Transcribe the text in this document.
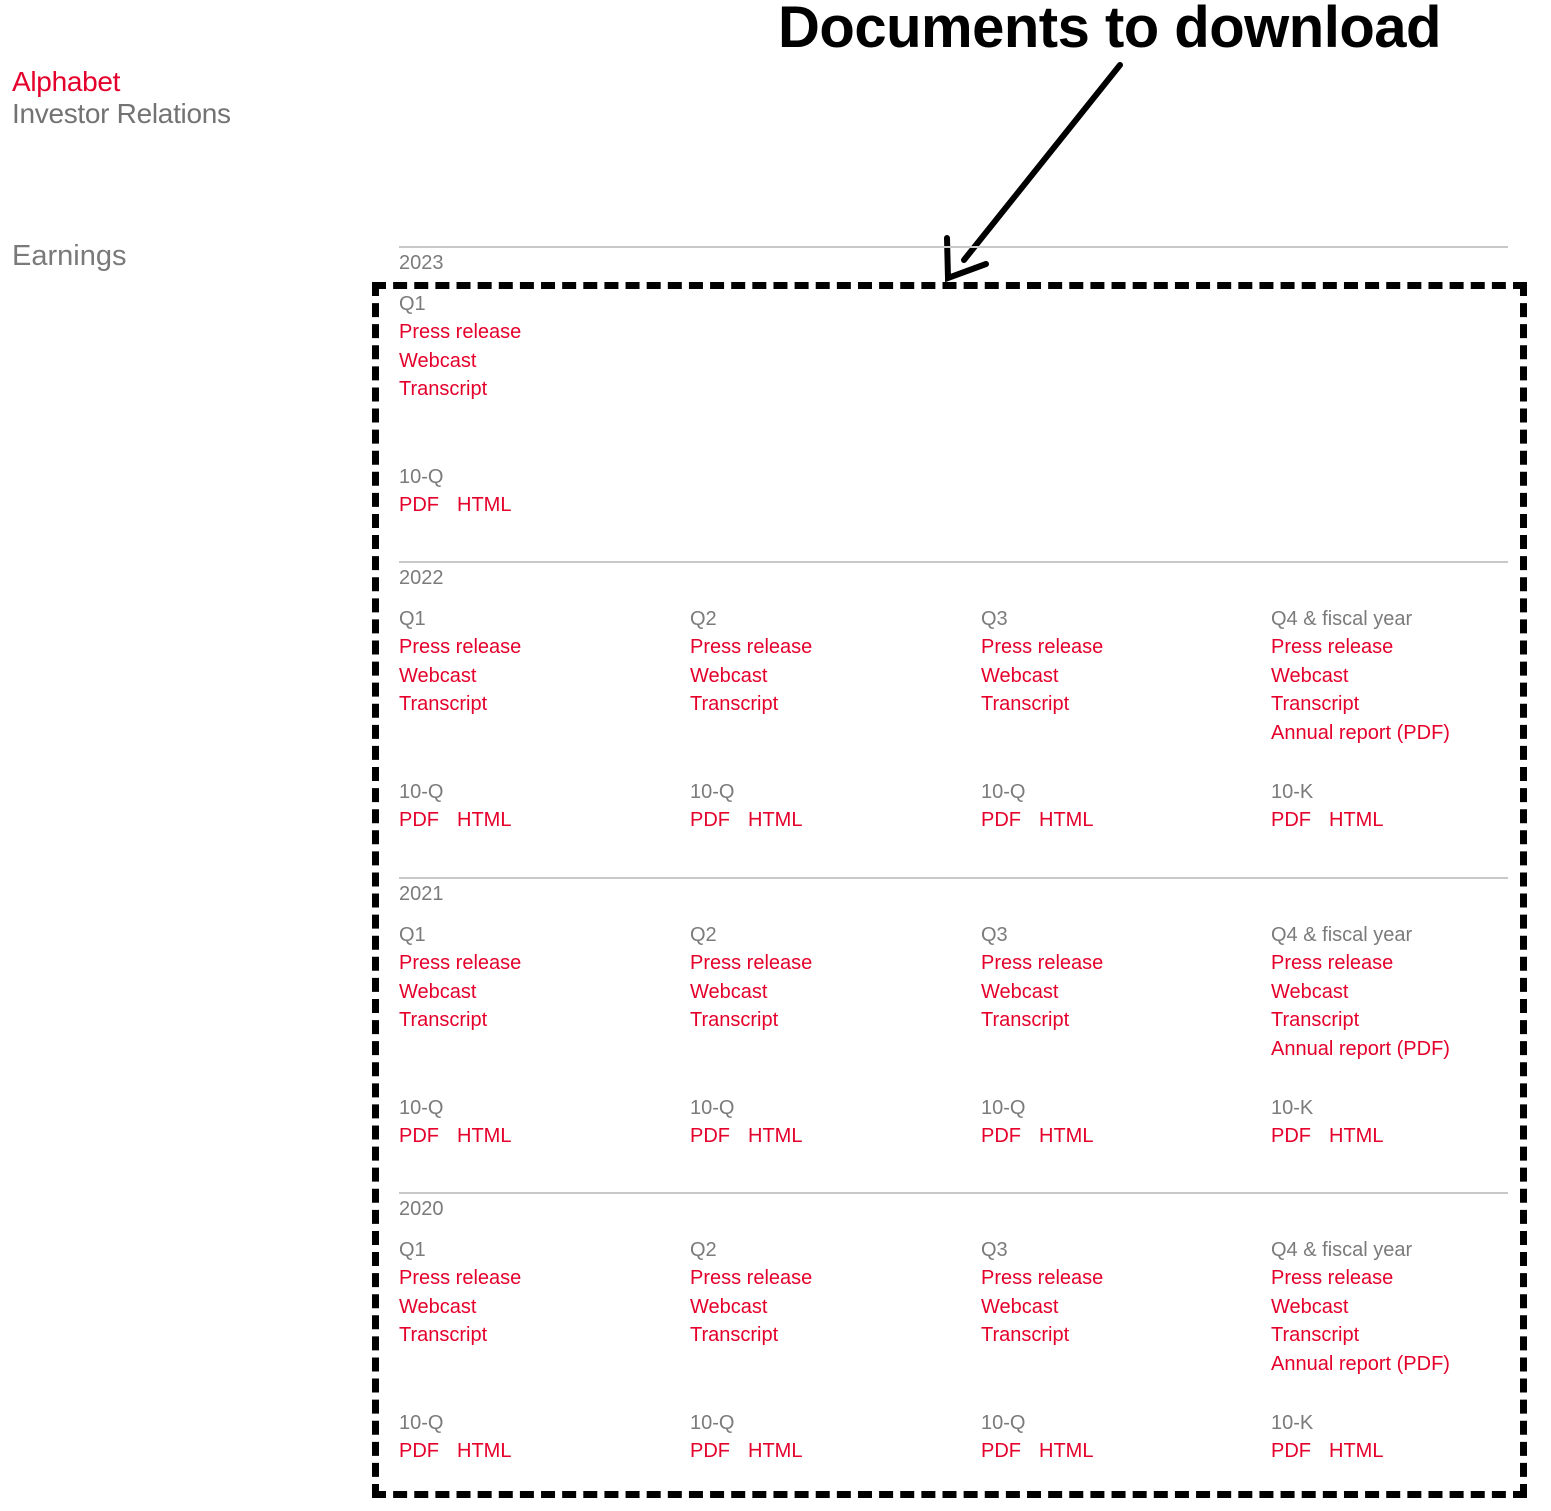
Alphabet
Investor Relations
Earnings
Documents to download
2023
Q1
Press release
Webcast
Transcript
10-Q
PDF HTML
2022
Q1
Press release
Webcast
Transcript
10-Q
PDF HTML
Q2
Press release
Webcast
Transcript
10-Q
PDF HTML
Q3
Press release
Webcast
Transcript
10-Q
PDF HTML
Q4 & fiscal year
Press release
Webcast
Transcript
Annual report (PDF)
10-K
PDF HTML
2021
Q1
Press release
Webcast
Transcript
10-Q
PDF HTML
Q2
Press release
Webcast
Transcript
10-Q
PDF HTML
Q3
Press release
Webcast
Transcript
10-Q
PDF HTML
Q4 & fiscal year
Press release
Webcast
Transcript
Annual report (PDF)
10-K
PDF HTML
2020
Q1
Press release
Webcast
Transcript
10-Q
PDF HTML
Q2
Press release
Webcast
Transcript
10-Q
PDF HTML
Q3
Press release
Webcast
Transcript
10-Q
PDF HTML
Q4 & fiscal year
Press release
Webcast
Transcript
Annual report (PDF)
10-K
PDF HTML
